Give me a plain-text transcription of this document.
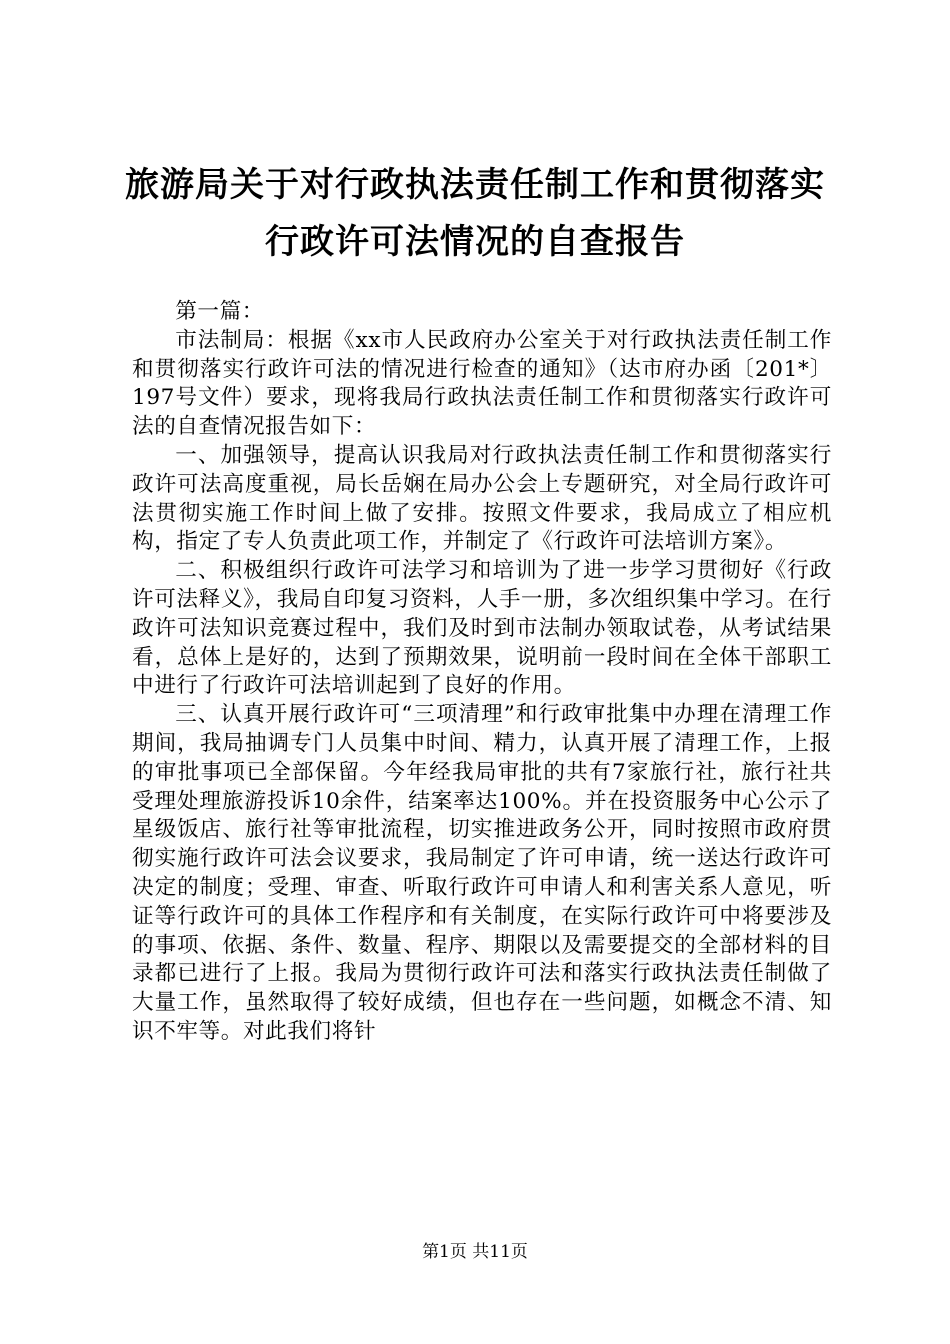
旅游局关于对行政执法责任制工作和贯彻落实
行政许可法情况的自查报告

第一篇：

市法制局：根据《xx市人民政府办公室关于对行政执法责任制工作和贯彻落实行政许可法的情况进行检查的通知》（达市府办函〔201*〕197号文件）要求，现将我局行政执法责任制工作和贯彻落实行政许可法的自查情况报告如下：

一、加强领导，提高认识我局对行政执法责任制工作和贯彻落实行政许可法高度重视，局长岳娴在局办公会上专题研究，对全局行政许可法贯彻实施工作时间上做了安排。按照文件要求，我局成立了相应机构，指定了专人负责此项工作，并制定了《行政许可法培训方案》。

二、积极组织行政许可法学习和培训为了进一步学习贯彻好《行政许可法释义》，我局自印复习资料，人手一册，多次组织集中学习。在行政许可法知识竞赛过程中，我们及时到市法制办领取试卷，从考试结果看，总体上是好的，达到了预期效果，说明前一段时间在全体干部职工中进行了行政许可法培训起到了良好的作用。

三、认真开展行政许可“三项清理”和行政审批集中办理在清理工作期间，我局抽调专门人员集中时间、精力，认真开展了清理工作，上报的审批事项已全部保留。今年经我局审批的共有7家旅行社，旅行社共受理处理旅游投诉10余件，结案率达100%。并在投资服务中心公示了星级饭店、旅行社等审批流程，切实推进政务公开，同时按照市政府贯彻实施行政许可法会议要求，我局制定了许可申请，统一送达行政许可决定的制度；受理、审查、听取行政许可申请人和利害关系人意见，听证等行政许可的具体工作程序和有关制度，在实际行政许可中将要涉及的事项、依据、条件、数量、程序、期限以及需要提交的全部材料的目录都已进行了上报。我局为贯彻行政许可法和落实行政执法责任制做了大量工作，虽然取得了较好成绩，但也存在一些问题，如概念不清、知识不牢等。对此我们将针

第1页 共11页
